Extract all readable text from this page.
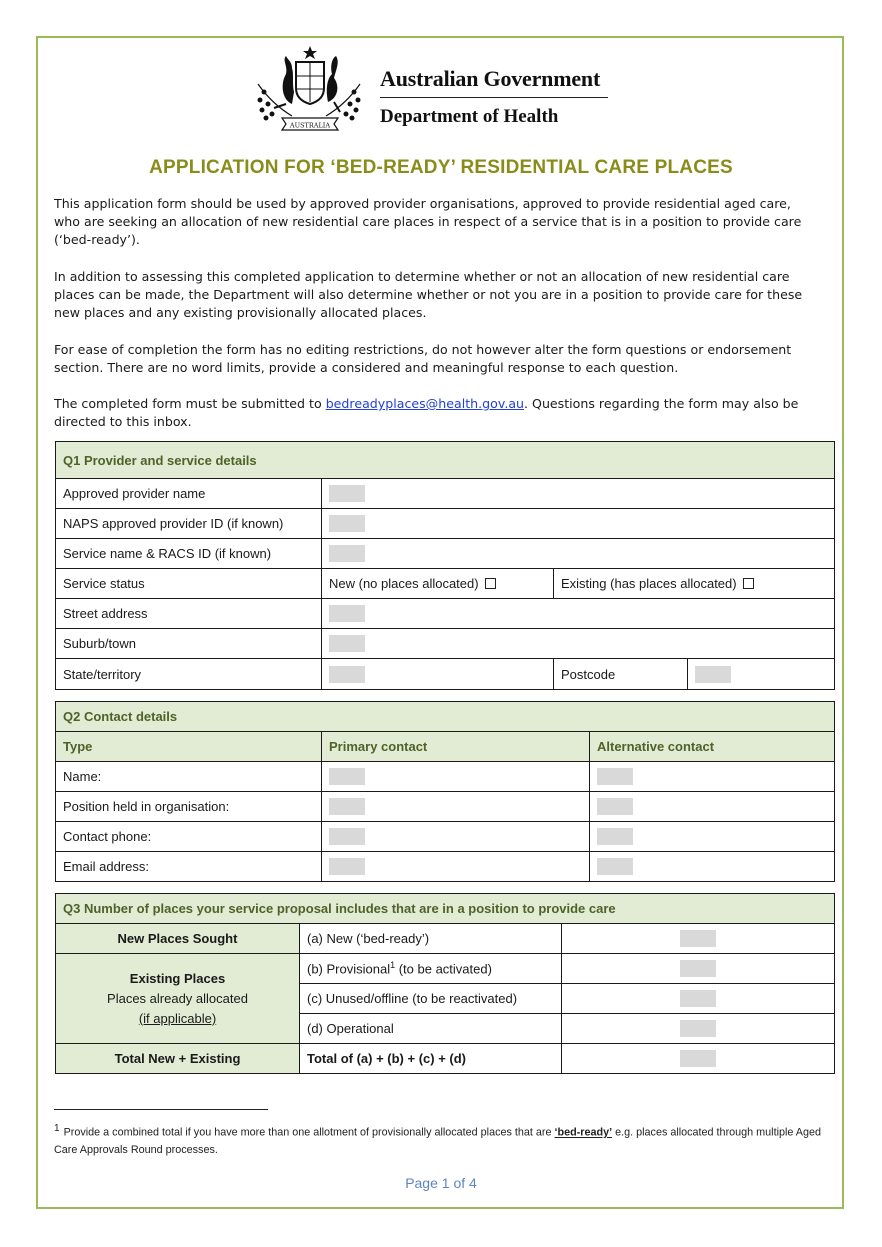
AUSTRALIA
Australian Government
Department of Health
APPLICATION FOR ‘BED-READY’ RESIDENTIAL CARE PLACES

This application form should be used by approved provider organisations, approved to provide residential aged care, who are seeking an allocation of new residential care places in respect of a service that is in a position to provide care (‘bed-ready’).

In addition to assessing this completed application to determine whether or not an allocation of new residential care places can be made, the Department will also determine whether or not you are in a position to provide care for these new places and any existing provisionally allocated places.

For ease of completion the form has no editing restrictions, do not however alter the form questions or endorsement section. There are no word limits, provide a considered and meaningful response to each question.

The completed form must be submitted to bedreadyplaces@health.gov.au. Questions regarding the form may also be directed to this inbox.

Q1 Provider and service details			
Approved provider name			
NAPS approved provider ID (if known)			
Service name & RACS ID (if known)			
Service status	New (no places allocated)	Existing (has places allocated)	
Street address			
Suburb/town			
State/territory		Postcode	
Q2 Contact details		
Type	Primary contact	Alternative contact
Name:		
Position held in organisation:		
Contact phone:		
Email address:		
Q3 Number of places your service proposal includes that are in a position to provide care		
New Places Sought	(a) New (‘bed-ready’)	

Existing Places
Places already allocated
(if applicable)	(b) Provisional$^1$ (to be activated)	
	(c) Unused/offline (to be reactivated)	
	(d) Operational	
Total New + Existing	Total of (a) + (b) + (c) + (d)	
$^1$ Provide a combined total if you have more than one allotment of provisionally allocated places that are ‘bed-ready’ e.g. places allocated through multiple Aged Care Approvals Round processes.
Page 1 of 4
